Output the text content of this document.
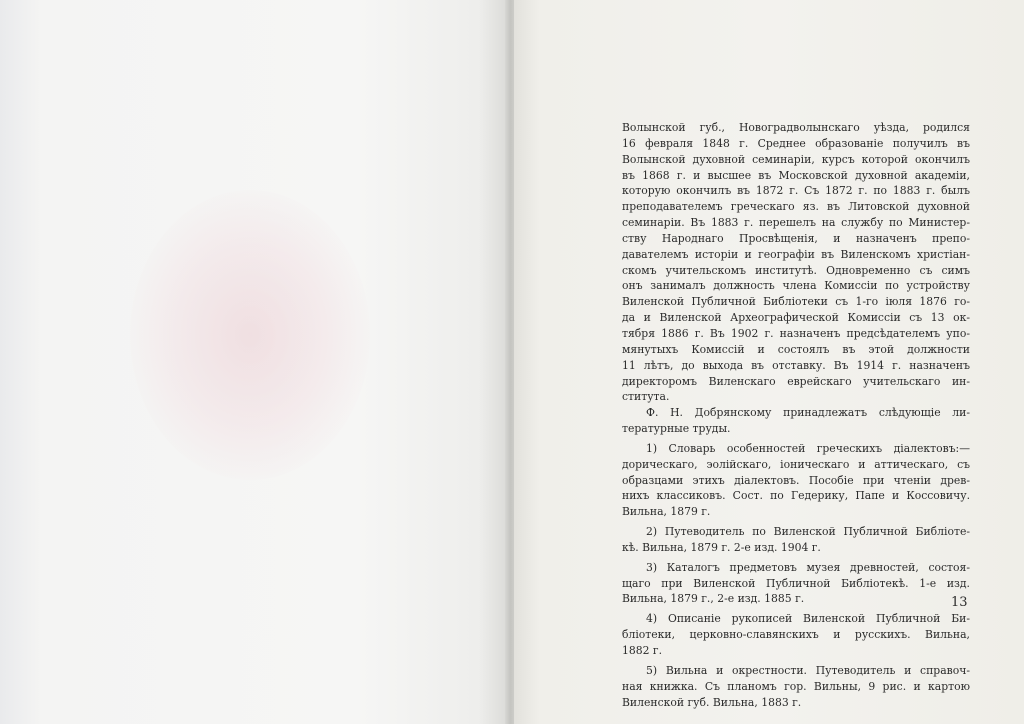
Волынской губ., Новоградволынскаго уѣзда, родился
16 февраля 1848 г. Среднее образованіе получилъ въ
Волынской духовной семинаріи, курсъ которой окончилъ
въ 1868 г. и высшее въ Московской духовной академіи,
которую окончилъ въ 1872 г. Съ 1872 г. по 1883 г. былъ
преподавателемъ греческаго яз. въ Литовской духовной
семинаріи. Въ 1883 г. перешелъ на службу по Министер-
ству Народнаго Просвѣщенія, и назначенъ препо-
давателемъ исторіи и географіи въ Виленскомъ христіан-
скомъ учительскомъ институтѣ. Одновременно съ симъ
онъ занималъ должность члена Комиссіи по устройству
Виленской Публичной Библіотеки съ 1-го іюля 1876 го-
да и Виленской Археографической Комиссіи съ 13 ок-
тября 1886 г. Въ 1902 г. назначенъ предсѣдателемъ упо-
мянутыхъ Комиссій и состоялъ въ этой должности
11 лѣтъ, до выхода въ отставку. Въ 1914 г. назначенъ
директоромъ Виленскаго еврейскаго учительскаго ин-
ститута.
Ф. Н. Добрянскому принадлежатъ слѣдующіе ли-
тературные труды.
1) Словарь особенностей греческихъ діалектовъ:—
дорическаго, эолійскаго, іоническаго и аттическаго, съ
образцами этихъ діалектовъ. Пособіе при чтеніи древ-
нихъ классиковъ. Сост. по Гедерику, Папе и Коссовичу.
Вильна, 1879 г.
2) Путеводитель по Виленской Публичной Библіоте-
кѣ. Вильна, 1879 г. 2-е изд. 1904 г.
3) Каталогъ предметовъ музея древностей, состоя-
щаго при Виленской Публичной Библіотекѣ. 1-е изд.
Вильна, 1879 г., 2-е изд. 1885 г.
4) Описаніе рукописей Виленской Публичной Би-
бліотеки, церковно-славянскихъ и русскихъ. Вильна,
1882 г.
5) Вильна и окрестности. Путеводитель и справоч-
ная книжка. Съ планомъ гор. Вильны, 9 рис. и картою
Виленской губ. Вильна, 1883 г.
13
